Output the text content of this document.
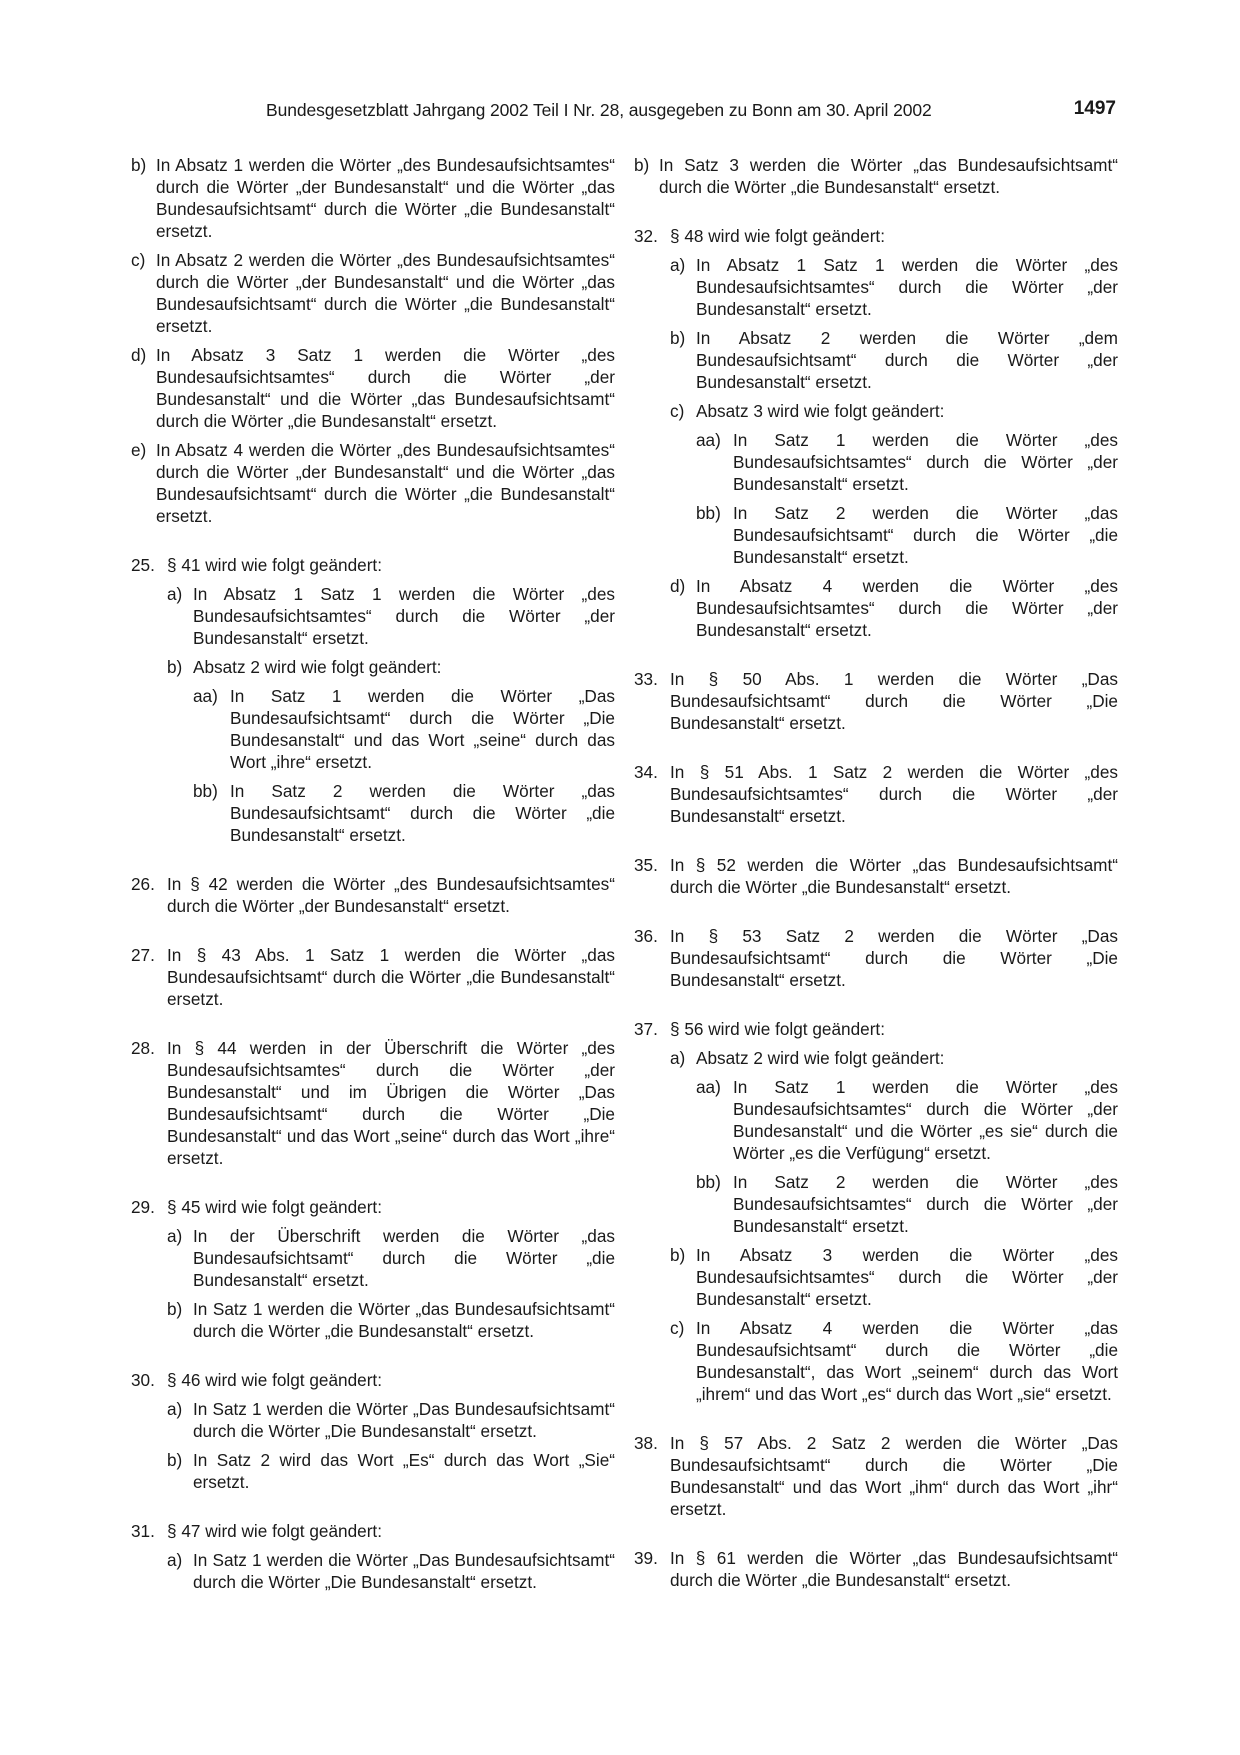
Bundesgesetzblatt Jahrgang 2002 Teil I Nr. 28, ausgegeben zu Bonn am 30. April 2002	1497
b) In Absatz 1 werden die Wörter „des Bundesaufsichtsamtes“ durch die Wörter „der Bundesanstalt“ und die Wörter „das Bundesaufsichtsamt“ durch die Wörter „die Bundesanstalt“ ersetzt.
c) In Absatz 2 werden die Wörter „des Bundesaufsichtsamtes“ durch die Wörter „der Bundesanstalt“ und die Wörter „das Bundesaufsichtsamt“ durch die Wörter „die Bundesanstalt“ ersetzt.
d) In Absatz 3 Satz 1 werden die Wörter „des Bundesaufsichtsamtes“ durch die Wörter „der Bundesanstalt“ und die Wörter „das Bundesaufsichtsamt“ durch die Wörter „die Bundesanstalt“ ersetzt.
e) In Absatz 4 werden die Wörter „des Bundesaufsichtsamtes“ durch die Wörter „der Bundesanstalt“ und die Wörter „das Bundesaufsichtsamt“ durch die Wörter „die Bundesanstalt“ ersetzt.
25. § 41 wird wie folgt geändert:
a) In Absatz 1 Satz 1 werden die Wörter „des Bundesaufsichtsamtes“ durch die Wörter „der Bundesanstalt“ ersetzt.
b) Absatz 2 wird wie folgt geändert:
aa) In Satz 1 werden die Wörter „Das Bundesaufsichtsamt“ durch die Wörter „Die Bundesanstalt“ und das Wort „seine“ durch das Wort „ihre“ ersetzt.
bb) In Satz 2 werden die Wörter „das Bundesaufsichtsamt“ durch die Wörter „die Bundesanstalt“ ersetzt.
26. In § 42 werden die Wörter „des Bundesaufsichtsamtes“ durch die Wörter „der Bundesanstalt“ ersetzt.
27. In § 43 Abs. 1 Satz 1 werden die Wörter „das Bundesaufsichtsamt“ durch die Wörter „die Bundesanstalt“ ersetzt.
28. In § 44 werden in der Überschrift die Wörter „des Bundesaufsichtsamtes“ durch die Wörter „der Bundesanstalt“ und im Übrigen die Wörter „Das Bundesaufsichtsamt“ durch die Wörter „Die Bundesanstalt“ und das Wort „seine“ durch das Wort „ihre“ ersetzt.
29. § 45 wird wie folgt geändert:
a) In der Überschrift werden die Wörter „das Bundesaufsichtsamt“ durch die Wörter „die Bundesanstalt“ ersetzt.
b) In Satz 1 werden die Wörter „das Bundesaufsichtsamt“ durch die Wörter „die Bundesanstalt“ ersetzt.
30. § 46 wird wie folgt geändert:
a) In Satz 1 werden die Wörter „Das Bundesaufsichtsamt“ durch die Wörter „Die Bundesanstalt“ ersetzt.
b) In Satz 2 wird das Wort „Es“ durch das Wort „Sie“ ersetzt.
31. § 47 wird wie folgt geändert:
a) In Satz 1 werden die Wörter „Das Bundesaufsichtsamt“ durch die Wörter „Die Bundesanstalt“ ersetzt.
b) In Satz 3 werden die Wörter „das Bundesaufsichtsamt“ durch die Wörter „die Bundesanstalt“ ersetzt.
32. § 48 wird wie folgt geändert:
a) In Absatz 1 Satz 1 werden die Wörter „des Bundesaufsichtsamtes“ durch die Wörter „der Bundesanstalt“ ersetzt.
b) In Absatz 2 werden die Wörter „dem Bundesaufsichtsamt“ durch die Wörter „der Bundesanstalt“ ersetzt.
c) Absatz 3 wird wie folgt geändert:
aa) In Satz 1 werden die Wörter „des Bundesaufsichtsamtes“ durch die Wörter „der Bundesanstalt“ ersetzt.
bb) In Satz 2 werden die Wörter „das Bundesaufsichtsamt“ durch die Wörter „die Bundesanstalt“ ersetzt.
d) In Absatz 4 werden die Wörter „des Bundesaufsichtsamtes“ durch die Wörter „der Bundesanstalt“ ersetzt.
33. In § 50 Abs. 1 werden die Wörter „Das Bundesaufsichtsamt“ durch die Wörter „Die Bundesanstalt“ ersetzt.
34. In § 51 Abs. 1 Satz 2 werden die Wörter „des Bundesaufsichtsamtes“ durch die Wörter „der Bundesanstalt“ ersetzt.
35. In § 52 werden die Wörter „das Bundesaufsichtsamt“ durch die Wörter „die Bundesanstalt“ ersetzt.
36. In § 53 Satz 2 werden die Wörter „Das Bundesaufsichtsamt“ durch die Wörter „Die Bundesanstalt“ ersetzt.
37. § 56 wird wie folgt geändert:
a) Absatz 2 wird wie folgt geändert:
aa) In Satz 1 werden die Wörter „des Bundesaufsichtsamtes“ durch die Wörter „der Bundesanstalt“ und die Wörter „es sie“ durch die Wörter „es die Verfügung“ ersetzt.
bb) In Satz 2 werden die Wörter „des Bundesaufsichtsamtes“ durch die Wörter „der Bundesanstalt“ ersetzt.
b) In Absatz 3 werden die Wörter „des Bundesaufsichtsamtes“ durch die Wörter „der Bundesanstalt“ ersetzt.
c) In Absatz 4 werden die Wörter „das Bundesaufsichtsamt“ durch die Wörter „die Bundesanstalt“, das Wort „seinem“ durch das Wort „ihrem“ und das Wort „es“ durch das Wort „sie“ ersetzt.
38. In § 57 Abs. 2 Satz 2 werden die Wörter „Das Bundesaufsichtsamt“ durch die Wörter „Die Bundesanstalt“ und das Wort „ihm“ durch das Wort „ihr“ ersetzt.
39. In § 61 werden die Wörter „das Bundesaufsichtsamt“ durch die Wörter „die Bundesanstalt“ ersetzt.
